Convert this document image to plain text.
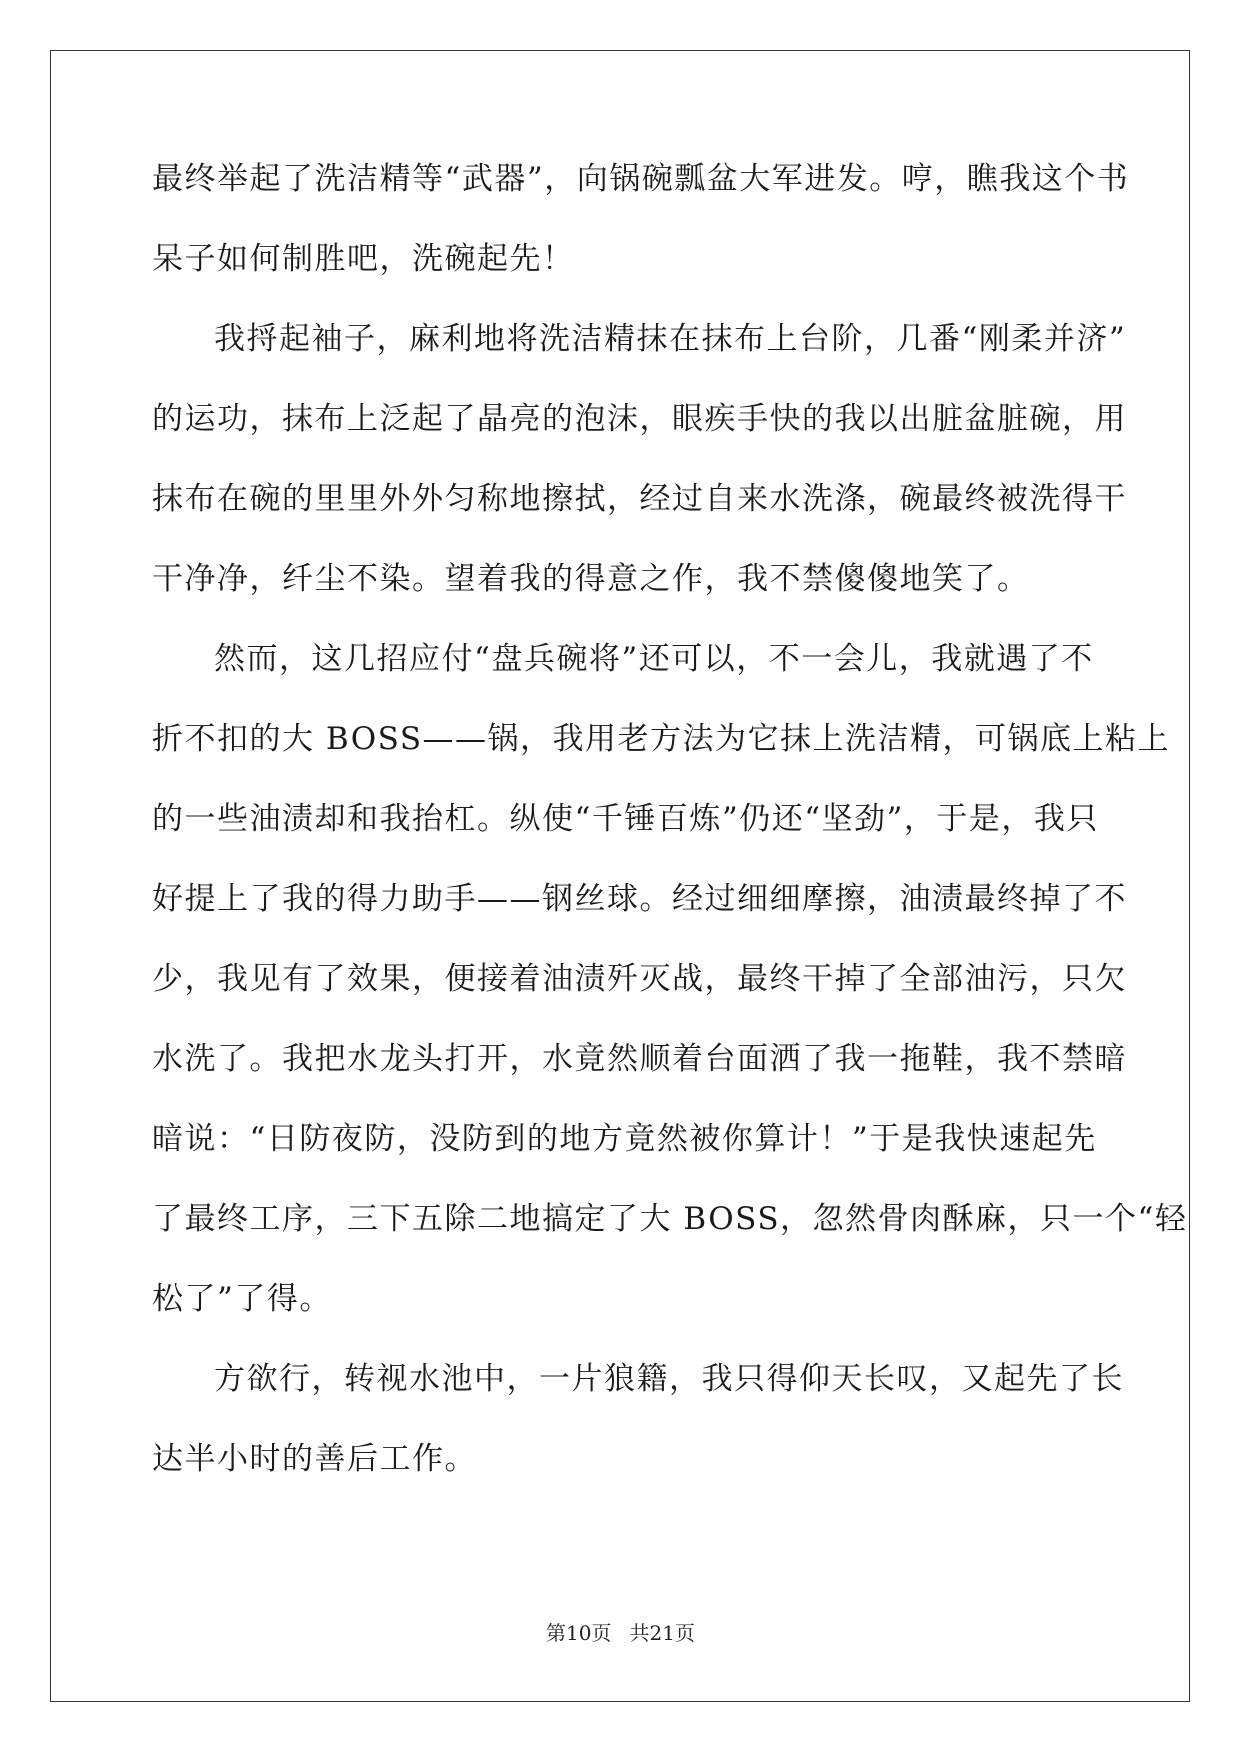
最终举起了洗洁精等“武器”，向锅碗瓢盆大军进发。哼，瞧我这个书
呆子如何制胜吧，洗碗起先！
我捋起袖子，麻利地将洗洁精抹在抹布上台阶，几番“刚柔并济”
的运功，抹布上泛起了晶亮的泡沫，眼疾手快的我以出脏盆脏碗，用
抹布在碗的里里外外匀称地擦拭，经过自来水洗涤，碗最终被洗得干
干净净，纤尘不染。望着我的得意之作，我不禁傻傻地笑了。
然而，这几招应付“盘兵碗将”还可以，不一会儿，我就遇了不
折不扣的大 BOSS——锅，我用老方法为它抹上洗洁精，可锅底上粘上
的一些油渍却和我抬杠。纵使“千锤百炼”仍还“坚劲”，于是，我只
好提上了我的得力助手——钢丝球。经过细细摩擦，油渍最终掉了不
少，我见有了效果，便接着油渍歼灭战，最终干掉了全部油污，只欠
水洗了。我把水龙头打开，水竟然顺着台面洒了我一拖鞋，我不禁暗
暗说：“日防夜防，没防到的地方竟然被你算计！”于是我快速起先
了最终工序，三下五除二地搞定了大 BOSS，忽然骨肉酥麻，只一个“轻
松了”了得。
方欲行，转视水池中，一片狼籍，我只得仰天长叹，又起先了长
达半小时的善后工作。
第10页 共21页
